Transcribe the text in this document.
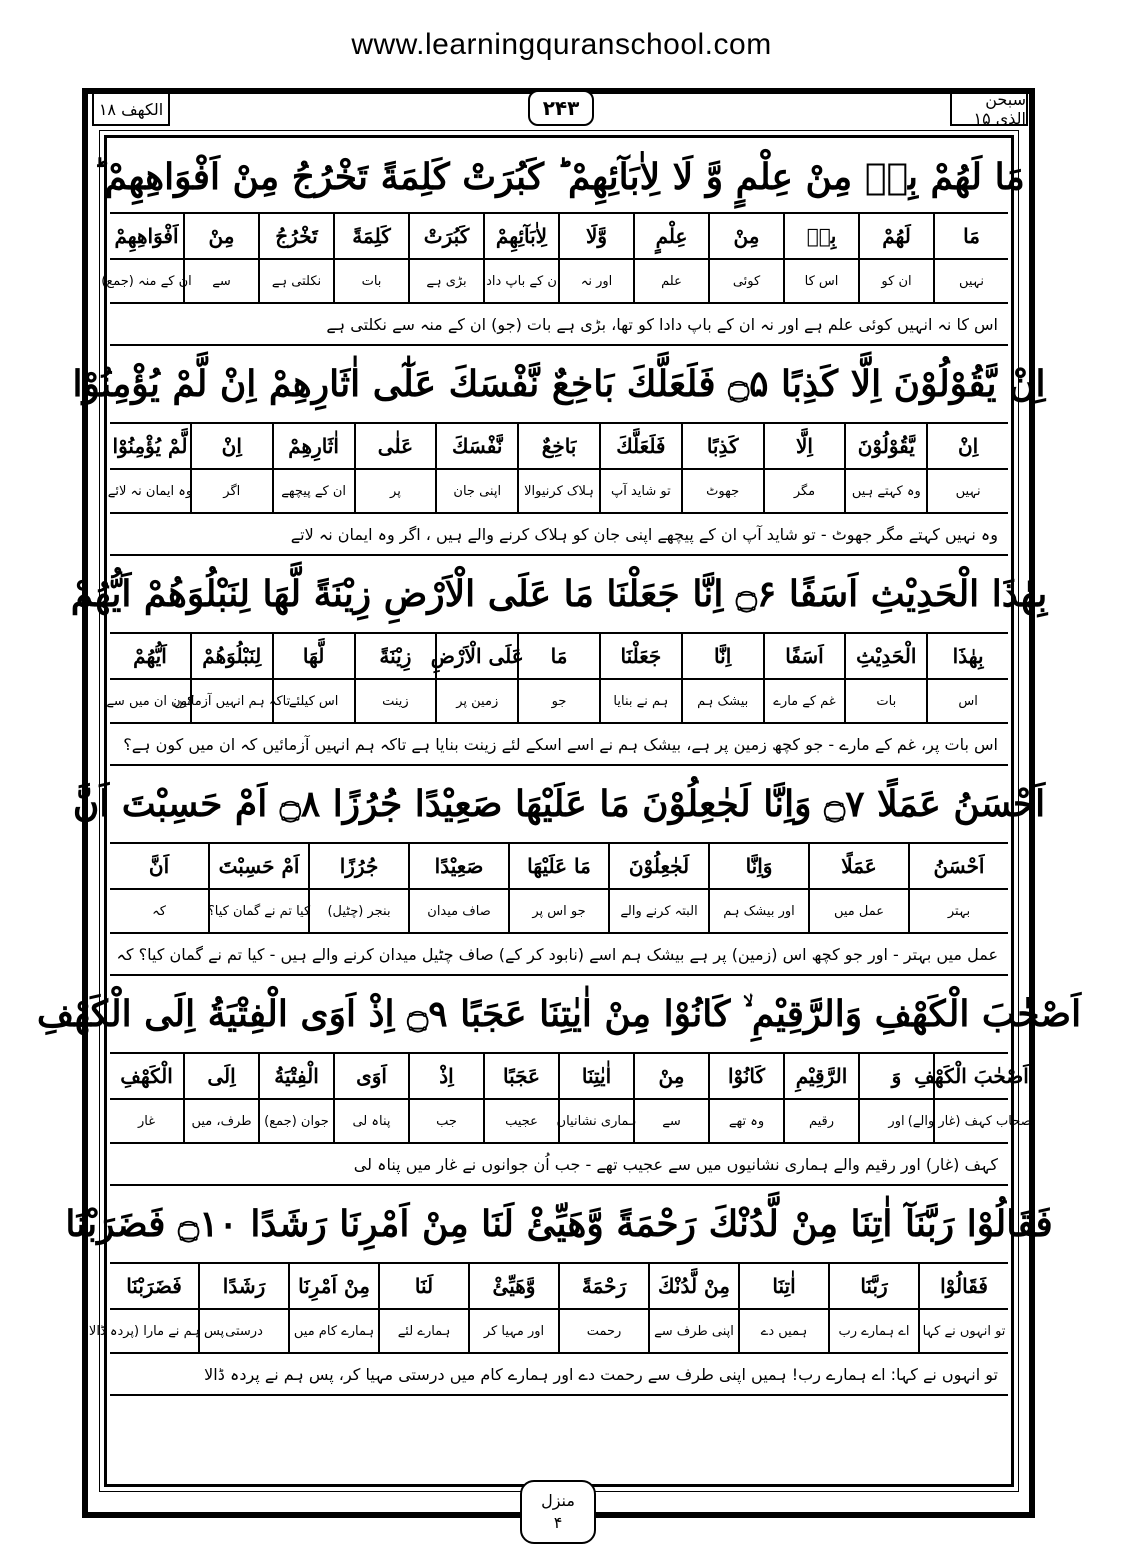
www.learningquranschool.com
الکھف ۱۸	۲۴۳	سبحن الذی ۱۵
مَا لَهُمْ بِهٖ مِنْ عِلْمٍ وَّ لَا لِاٰبَآئِهِمْ ؕ كَبُرَتْ كَلِمَةً تَخْرُجُ مِنْ اَفْوَاهِهِمْ ؕ
مَا
لَهُمْ
بِهٖ
مِنْ
عِلْمٍ
وَّلَا
لِاٰبَآئِهِمْ
كَبُرَتْ
كَلِمَةً
تَخْرُجُ
مِنْ
اَفْوَاهِهِمْ
نہیں
ان کو
اس کا
کوئی
علم
اور نہ
ان کے باپ دادا
بڑی ہے
بات
نکلتی ہے
سے
ان کے منہ (جمع)
اس کا نہ انہیں کوئی علم ہے اور نہ ان کے باپ دادا کو تھا، بڑی ہے بات (جو) ان کے منہ سے نکلتی ہے
اِنْ يَّقُوْلُوْنَ اِلَّا كَذِبًا ۝۵ فَلَعَلَّكَ بَاخِعٌ نَّفْسَكَ عَلٰٓى اٰثَارِهِمْ اِنْ لَّمْ يُؤْمِنُوْا
اِنْ
يَّقُوْلُوْنَ
اِلَّا
كَذِبًا
فَلَعَلَّكَ
بَاخِعٌ
نَّفْسَكَ
عَلٰى
اٰثَارِهِمْ
اِنْ
لَّمْ يُؤْمِنُوْا
نہیں
وہ کہتے ہیں
مگر
جھوٹ
تو شاید آپ
ہلاک کرنیوالا
اپنی جان
پر
ان کے پیچھے
اگر
وہ ایمان نہ لائے
وہ نہیں کہتے مگر جھوٹ - تو شاید آپ ان کے پیچھے اپنی جان کو ہلاک کرنے والے ہیں ، اگر وہ ایمان نہ لاتے
بِهٰذَا الْحَدِيْثِ اَسَفًا ۝۶ اِنَّا جَعَلْنَا مَا عَلَى الْاَرْضِ زِيْنَةً لَّهَا لِنَبْلُوَهُمْ اَيُّهُمْ
بِهٰذَا
الْحَدِيْثِ
اَسَفًا
اِنَّا
جَعَلْنَا
مَا
عَلَى الْاَرْضِ
زِيْنَةً
لَّهَا
لِنَبْلُوَهُمْ
اَيُّهُمْ
اس
بات
غم کے مارے
بیشک ہم
ہم نے بنایا
جو
زمین پر
زینت
اس کیلئے
تاکہ ہم انہیں آزمائیں
کون ان میں سے
اس بات پر، غم کے مارے - جو کچھ زمین پر ہے، بیشک ہم نے اسے اسکے لئے زینت بنایا ہے تاکہ ہم انہیں آزمائیں کہ ان میں کون ہے؟
اَحْسَنُ عَمَلًا ۝۷ وَاِنَّا لَجٰعِلُوْنَ مَا عَلَيْهَا صَعِيْدًا جُرُزًا ۝۸ اَمْ حَسِبْتَ اَنَّ
اَحْسَنُ
عَمَلًا
وَاِنَّا
لَجٰعِلُوْنَ
مَا عَلَيْهَا
صَعِيْدًا
جُرُزًا
اَمْ حَسِبْتَ
اَنَّ
بہتر
عمل میں
اور بیشک ہم
البتہ کرنے والے
جو اس پر
صاف میدان
بنجر (چٹیل)
کیا تم نے گمان کیا؟
کہ
عمل میں بہتر - اور جو کچھ اس (زمین) پر ہے بیشک ہم اسے (نابود کر کے) صاف چٹیل میدان کرنے والے ہیں - کیا تم نے گمان کیا؟ کہ
اَصْحٰبَ الْكَهْفِ وَالرَّقِيْمِ ۙ كَانُوْا مِنْ اٰيٰتِنَا عَجَبًا ۝۹ اِذْ اَوَى الْفِتْيَةُ اِلَى الْكَهْفِ
اَصْحٰبَ الْكَهْفِ
وَ
الرَّقِيْمِ
كَانُوْا
مِنْ
اٰيٰتِنَا
عَجَبًا
اِذْ
اَوَى
الْفِتْيَةُ
اِلَى
الْكَهْفِ
اصحاب کہف (غار والے)
اور
رقیم
وہ تھے
سے
ہماری نشانیاں
عجیب
جب
پناہ لی
جوان (جمع)
طرف، میں
غار
کہف (غار) اور رقیم والے ہماری نشانیوں میں سے عجیب تھے - جب اُن جوانوں نے غار میں پناہ لی
فَقَالُوْا رَبَّنَآ اٰتِنَا مِنْ لَّدُنْكَ رَحْمَةً وَّهَيِّئْ لَنَا مِنْ اَمْرِنَا رَشَدًا ۝۱۰ فَضَرَبْنَا
فَقَالُوْا
رَبَّنَا
اٰتِنَا
مِنْ لَّدُنْكَ
رَحْمَةً
وَّهَيِّئْ
لَنَا
مِنْ اَمْرِنَا
رَشَدًا
فَضَرَبْنَا
تو انہوں نے کہا
اے ہمارے رب
ہمیں دے
اپنی طرف سے
رحمت
اور مہیا کر
ہمارے لئے
ہمارے کام میں
درستی
پس ہم نے مارا (پردہ ڈالا)
تو انہوں نے کہا: اے ہمارے رب! ہمیں اپنی طرف سے رحمت دے اور ہمارے کام میں درستی مہیا کر، پس ہم نے پردہ ڈالا
منزل
۴
